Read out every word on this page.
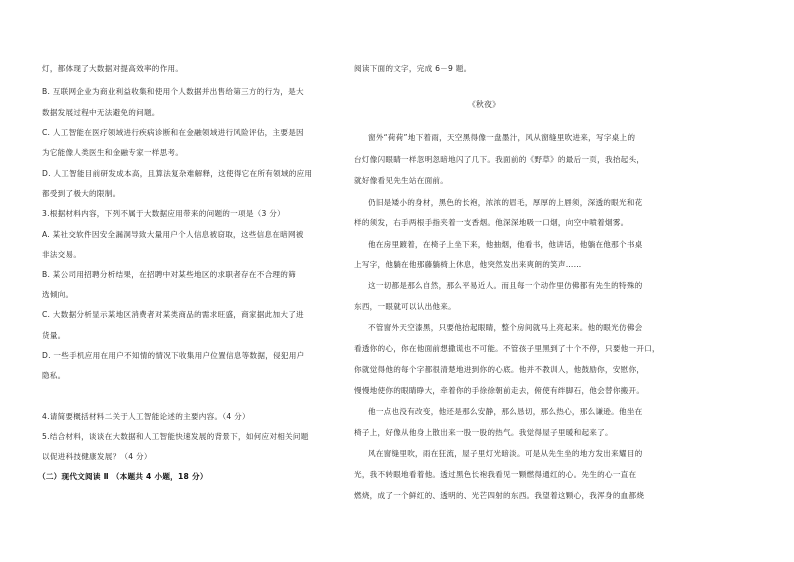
灯，都体现了大数据对提高效率的作用。
B. 互联网企业为商业利益收集和使用个人数据并出售给第三方的行为，是大
数据发展过程中无法避免的问题。
C. 人工智能在医疗领域进行疾病诊断和在金融领域进行风险评估，主要是因
为它能像人类医生和金融专家一样思考。
D. 人工智能目前研发成本高，且算法复杂难解释，这使得它在所有领域的应用
都受到了极大的限制。
3.根据材料内容，下列不属于大数据应用带来的问题的一项是（3 分）
A. 某社交软件因安全漏洞导致大量用户个人信息被窃取，这些信息在暗网被
非法交易。
B. 某公司用招聘分析结果，在招聘中对某些地区的求职者存在不合理的筛
选倾向。
C. 大数据分析显示某地区消费者对某类商品的需求旺盛，商家据此加大了进
货量。
D. 一些手机应用在用户不知情的情况下收集用户位置信息等数据，侵犯用户
隐私。
4.请简要概括材料二关于人工智能论述的主要内容。（4 分）
5.结合材料，谈谈在大数据和人工智能快速发展的背景下，如何应对相关问题
以促进科技健康发展？（4 分）
（二）现代文阅读 Ⅱ （本题共 4 小题，18 分）
阅读下面的文字，完成 6－9 题。
《秋夜》
窗外“荷荷”地下着雨，天空黑得像一盘墨汁，风从窗缝里吹进来，写字桌上的
台灯像闪眼睛一样忽明忽暗地闪了几下。我面前的《野草》的最后一页，我抬起头，
就好像看见先生站在面前。
仍旧是矮小的身材，黑色的长袍，浓浓的眉毛，厚厚的上唇须，深透的眼光和花
样的须发，右手两根手指夹着一支香烟。他深深地吸一口烟，向空中喷着烟雾。
他在房里踱着，在椅子上坐下来，他抽烟，他看书，他讲话，他躺在他那个书桌
上写字，他躺在他那藤躺椅上休息，他突然发出来爽朗的笑声……
这一切都是那么自然，那么平易近人。而且每一个动作里仿佛都有先生的特殊的
东西，一眼就可以认出他来。
不管窗外天空漆黑，只要他抬起眼睛，整个房间就马上亮起来。他的眼光仿佛会
看透你的心，你在他面前想撒谎也不可能。不管孩子里黑到了十个不停，只要他一开口，
你就觉得他的每个字都很清楚地进到你的心底。他并不教训人，他鼓励你，安慰你，
慢慢地使你的眼睛睁大，牵着你的手徐徐朝前走去，俯使有绊脚石，他会替你搬开。
他一点也没有改变，他还是那么安静，那么恳切，那么热心，那么谦逊。他坐在
椅子上，好像从他身上散出来一股一股的热气。我觉得屋子里暖和起来了。
风在窗缝里吹，雨在狂流，屋子里灯光暗淡。可是从先生坐的地方发出来耀目的
光，我不转眼地看着他。透过黑色长袍我看见一颗燃得通红的心。先生的心一直在
燃烧，成了一个鲜红的、透明的、光芒四射的东西。我望着这颗心，我浑身的血都烧
